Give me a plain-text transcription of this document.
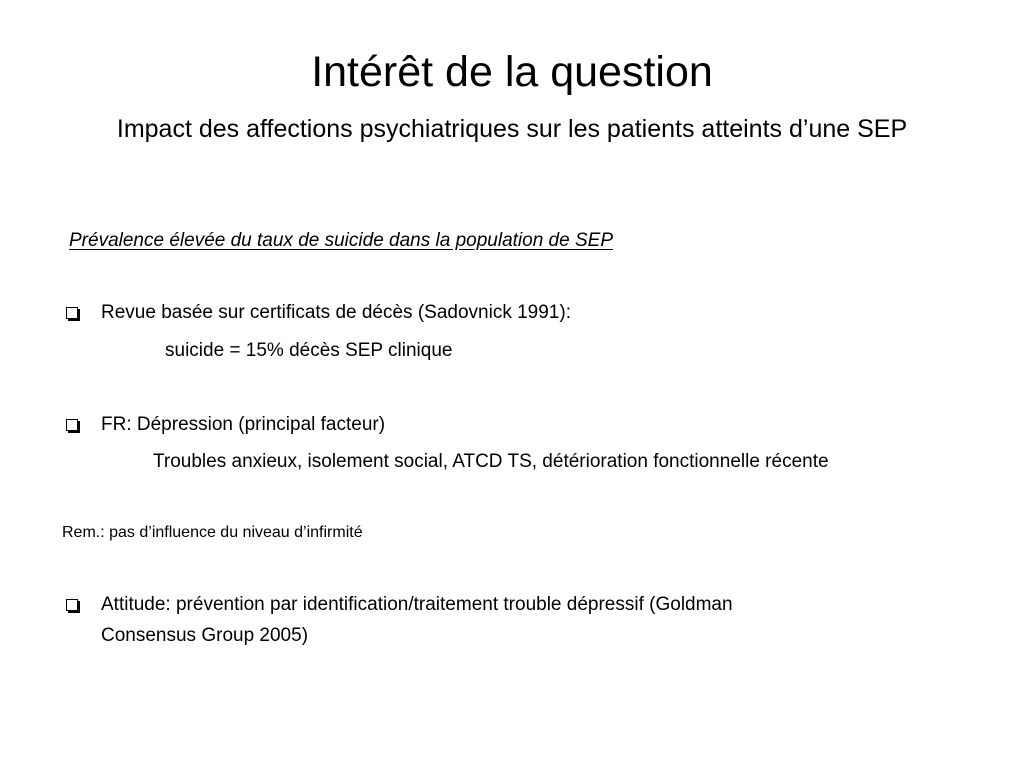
Intérêt de la question
Impact des affections psychiatriques sur les patients atteints d’une SEP
Prévalence élevée du taux de suicide dans la population de SEP
Revue basée sur certificats de décès (Sadovnick 1991):
suicide = 15% décès SEP clinique
FR: Dépression (principal facteur)
Troubles anxieux, isolement social, ATCD TS, détérioration fonctionnelle récente
Rem.: pas d’influence du niveau d’infirmité
Attitude: prévention par identification/traitement trouble dépressif (Goldman
Consensus Group 2005)
